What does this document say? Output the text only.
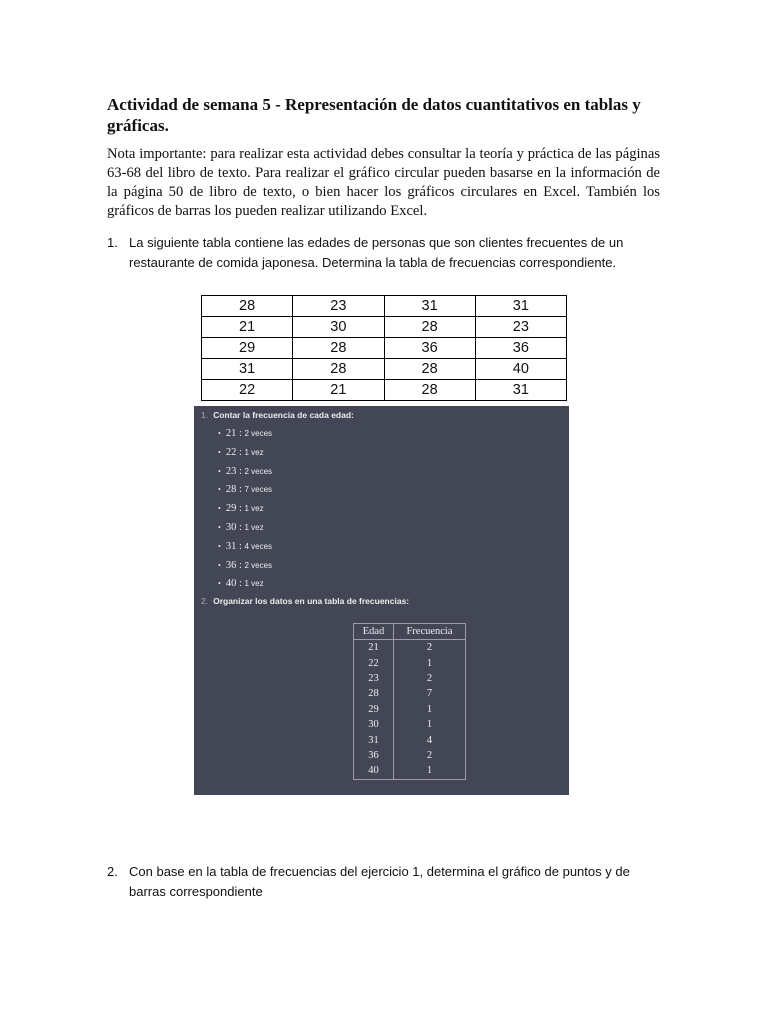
Actividad de semana 5 - Representación de datos cuantitativos en tablas y gráficas.

Nota importante: para realizar esta actividad debes consultar la teoría y práctica de las páginas 63-68 del libro de texto. Para realizar el gráfico circular pueden basarse en la información de la página 50 de libro de texto, o bien hacer los gráficos circulares en Excel. También los gráficos de barras los pueden realizar utilizando Excel.

1. La siguiente tabla contiene las edades de personas que son clientes frecuentes de un restaurante de comida japonesa. Determina la tabla de frecuencias correspondiente.
28	23	31	31
21	30	28	23
29	28	36	36
31	28	28	40
22	21	28	31
1. Contar la frecuencia de cada edad:
• 21 : 2 veces
• 22 : 1 vez
• 23 : 2 veces
• 28 : 7 veces
• 29 : 1 vez
• 30 : 1 vez
• 31 : 4 veces
• 36 : 2 veces
• 40 : 1 vez
2. Organizar los datos en una tabla de frecuencias:
Edad	Frecuencia
21	2
22	1
23	2
28	7
29	1
30	1
31	4
36	2
40	1
2. Con base en la tabla de frecuencias del ejercicio 1, determina el gráfico de puntos y de barras correspondiente
